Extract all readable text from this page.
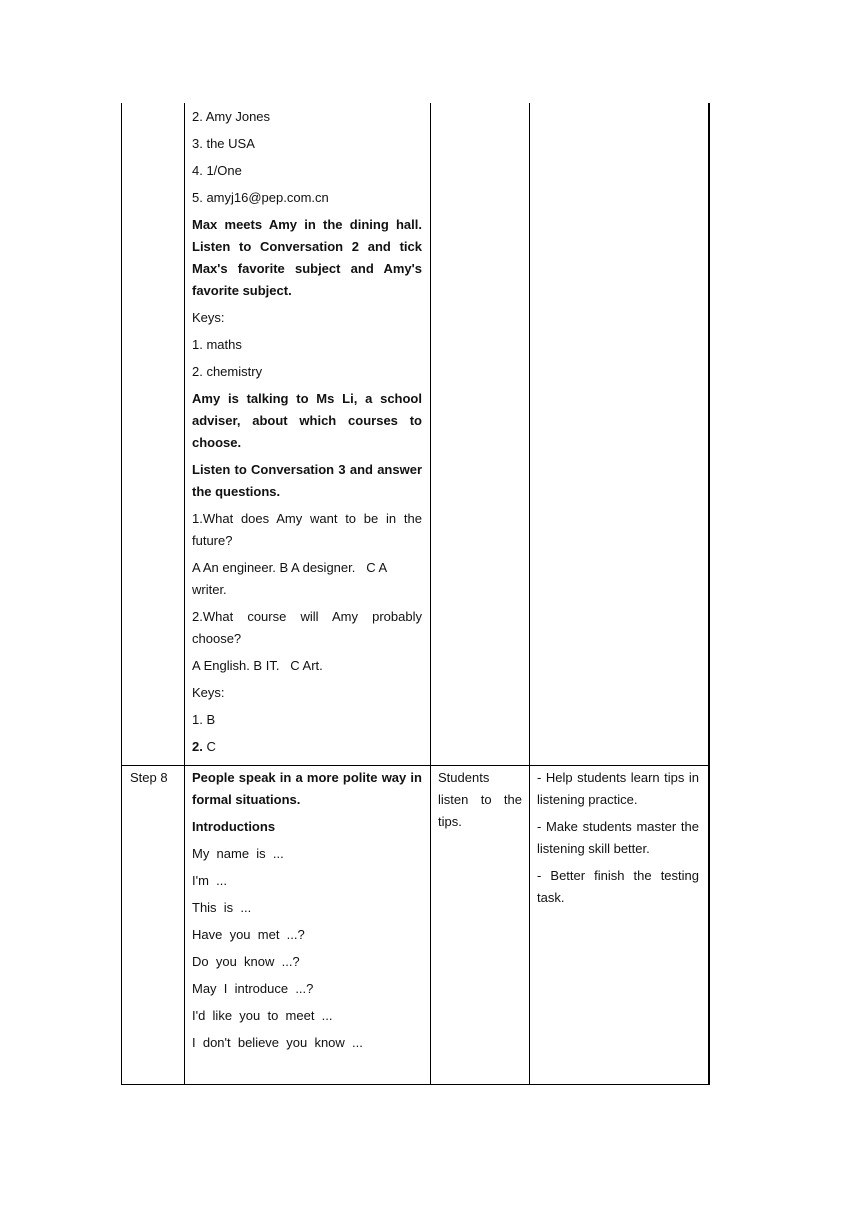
2. Amy Jones

3. the USA

4. 1/One

5. amyj16@pep.com.cn

Max meets Amy in the dining hall. Listen to Conversation 2 and tick Max's favorite subject and Amy's favorite subject.

Keys:

1. maths

2. chemistry

Amy is talking to Ms Li, a school adviser, about which courses to choose.

Listen to Conversation 3 and answer the questions.

1.What does Amy want to be in the future?

A An engineer. B A designer.   C A writer.

2.What course will Amy probably choose?

A English. B IT.   C Art.

Keys:

1. B

2. C

Step 8	People speak in a more polite way in formal situations.

Introductions

My  name  is  ...

I'm  ...

This  is  ...

Have  you  met  ...?

Do  you  know  ...?

May  I  introduce  ...?

I'd  like  you  to  meet  ...

I  don't  believe  you  know  ...

Students listen to the tips.

- Help students learn tips in listening practice.

- Make students master the listening skill better.

- Better finish the testing task.
